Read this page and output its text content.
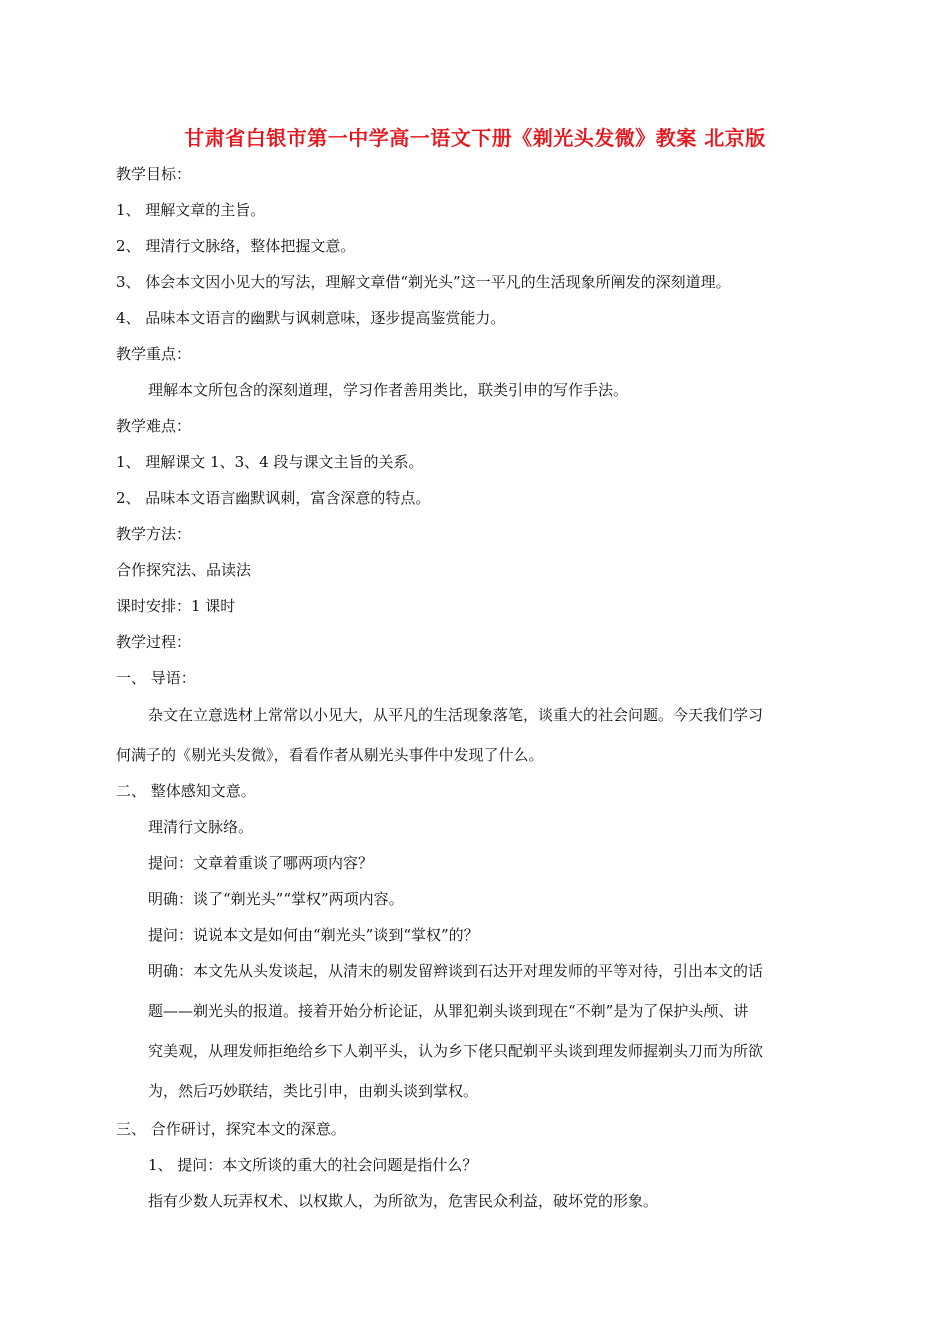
甘肃省白银市第一中学高一语文下册《剃光头发微》教案 北京版
教学目标：
1、 理解文章的主旨。
2、 理清行文脉络，整体把握文意。
3、 体会本文因小见大的写法，理解文章借“剃光头”这一平凡的生活现象所阐发的深刻道理。
4、 品味本文语言的幽默与讽刺意味，逐步提高鉴赏能力。
教学重点：
理解本文所包含的深刻道理，学习作者善用类比，联类引申的写作手法。
教学难点：
1、 理解课文 1、3、4 段与课文主旨的关系。
2、 品味本文语言幽默讽刺，富含深意的特点。
教学方法：
合作探究法、品读法
课时安排：1 课时
教学过程：
一、 导语：
杂文在立意选材上常常以小见大，从平凡的生活现象落笔，谈重大的社会问题。今天我们学习
何满子的《剔光头发微》，看看作者从剔光头事件中发现了什么。
二、 整体感知文意。
理清行文脉络。
提问：文章着重谈了哪两项内容？
明确：谈了“剃光头”“掌权”两项内容。
提问：说说本文是如何由“剃光头”谈到“掌权”的？
明确：本文先从头发谈起，从清末的剔发留辫谈到石达开对理发师的平等对待，引出本文的话
题——剃光头的报道。接着开始分析论证，从罪犯剃头谈到现在“不剃”是为了保护头颅、讲
究美观，从理发师拒绝给乡下人剃平头，认为乡下佬只配剃平头谈到理发师握剃头刀而为所欲
为，然后巧妙联结，类比引申，由剃头谈到掌权。
三、 合作研讨，探究本文的深意。
1、 提问：本文所谈的重大的社会问题是指什么？
指有少数人玩弄权术、以权欺人，为所欲为，危害民众利益，破坏党的形象。
